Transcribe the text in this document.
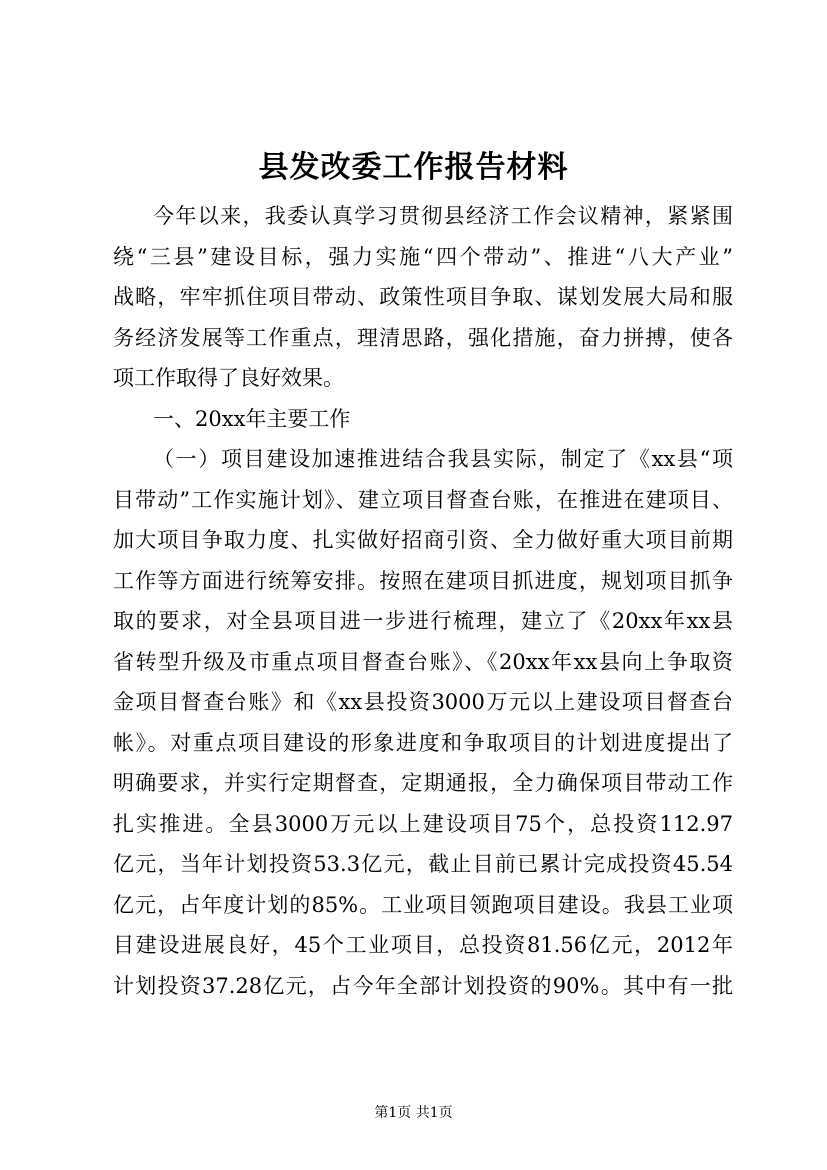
县发改委工作报告材料
今年以来，我委认真学习贯彻县经济工作会议精神，紧紧围
绕“三县”建设目标，强力实施“四个带动”、推进“八大产业”
战略，牢牢抓住项目带动、政策性项目争取、谋划发展大局和服
务经济发展等工作重点，理清思路，强化措施，奋力拼搏，使各
项工作取得了良好效果。
一、20xx年主要工作
（一）项目建设加速推进结合我县实际，制定了《xx县“项
目带动”工作实施计划》、建立项目督查台账，在推进在建项目、
加大项目争取力度、扎实做好招商引资、全力做好重大项目前期
工作等方面进行统筹安排。按照在建项目抓进度，规划项目抓争
取的要求，对全县项目进一步进行梳理，建立了《20xx年xx县
省转型升级及市重点项目督查台账》、《20xx年xx县向上争取资
金项目督查台账》和《xx县投资3000万元以上建设项目督查台
帐》。对重点项目建设的形象进度和争取项目的计划进度提出了
明确要求，并实行定期督查，定期通报，全力确保项目带动工作
扎实推进。全县3000万元以上建设项目75个，总投资112.97
亿元，当年计划投资53.3亿元，截止目前已累计完成投资45.54
亿元，占年度计划的85%。工业项目领跑项目建设。我县工业项
目建设进展良好，45个工业项目，总投资81.56亿元，2012年
计划投资37.28亿元，占今年全部计划投资的90%。其中有一批
第1页 共1页
